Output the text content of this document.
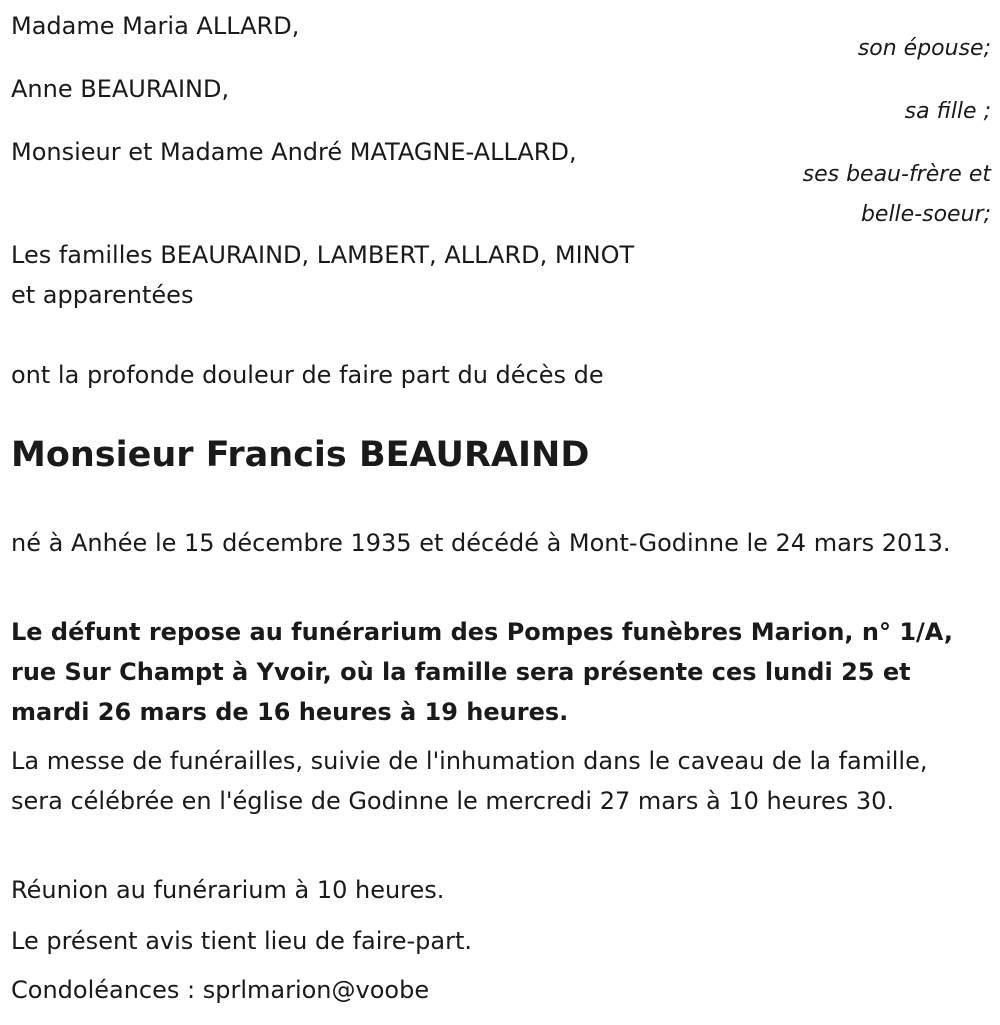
Madame Maria ALLARD,
son épouse;
Anne BEAURAIND,
sa fille ;
Monsieur et Madame André MATAGNE-ALLARD,
ses beau-frère et
belle-soeur;
Les familles BEAURAIND, LAMBERT, ALLARD, MINOT
et apparentées
ont la profonde douleur de faire part du décès de
Monsieur Francis BEAURAIND
né à Anhée le 15 décembre 1935 et décédé à Mont-Godinne le 24 mars 2013.
Le défunt repose au funérarium des Pompes funèbres Marion, n° 1/A, rue Sur Champt à Yvoir, où la famille sera présente ces lundi 25 et mardi 26 mars de 16 heures à 19 heures.
La messe de funérailles, suivie de l'inhumation dans le caveau de la famille, sera célébrée en l'église de Godinne le mercredi 27 mars à 10 heures 30.
Réunion au funérarium à 10 heures.
Le présent avis tient lieu de faire-part.
Condoléances : sprlmarion@voobe
